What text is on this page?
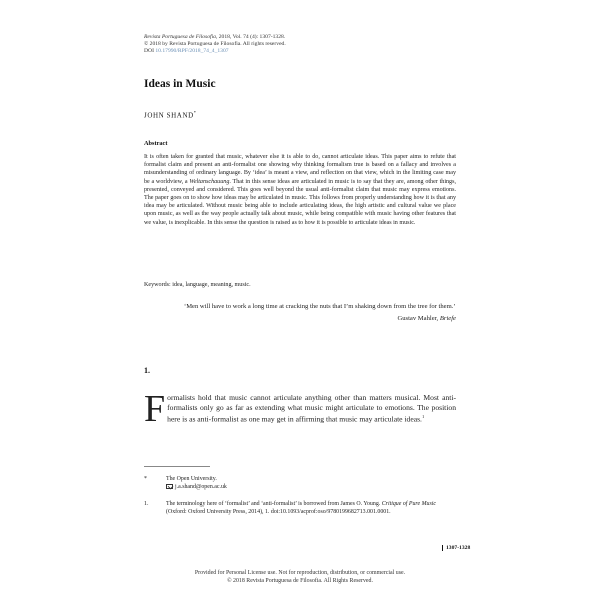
Revista Portuguesa de Filosofia, 2018, Vol. 74 (4): 1307-1328.
© 2018 by Revista Portuguesa de Filosofia. All rights reserved.
DOI 10.17990/RPF/2018_74_4_1307
Ideas in Music
JOHN SHAND*
Abstract

It is often taken for granted that music, whatever else it is able to do, cannot articulate ideas. This paper aims to refute that formalist claim and present an anti-formalist one showing why thinking formalism true is based on a fallacy and involves a misunderstanding of ordinary language. By ‘idea’ is meant a view, and reflection on that view, which in the limiting case may be a worldview, a Weltanschauung. That in this sense ideas are articulated in music is to say that they are, among other things, presented, conveyed and considered. This goes well beyond the usual anti-formalist claim that music may express emotions. The paper goes on to show how ideas may be articulated in music. This follows from properly understanding how it is that any idea may be articulated. Without music being able to include articulating ideas, the high artistic and cultural value we place upon music, as well as the way people actually talk about music, while being compatible with music having other features that we value, is inexplicable. In this sense the question is raised as to how it is possible to articulate ideas in music.

Keywords: idea, language, meaning, music.
‘Men will have to work a long time at cracking the nuts that I’m shaking down from the tree for them.’
Gustav Mahler, Briefe
1.

Formalists hold that music cannot articulate anything other than matters musical. Most anti-formalists only go as far as extending what music might articulate to emotions. The position here is as anti-formalist as one may get in affirming that music may articulate ideas.$^1$

*	The Open University.
j.a.shand@open.ac.uk
1.	The terminology here of ‘formalist’ and ‘anti-formalist’ is borrowed from James O. Young. Critique of Pure Music (Oxford: Oxford University Press, 2014), 1. doi:10.1093/acprof:oso/9780199682713.001.0001.
1307-1328
Provided for Personal License use. Not for reproduction, distribution, or commercial use.
© 2018 Revista Portuguesa de Filosofia. All Rights Reserved.
